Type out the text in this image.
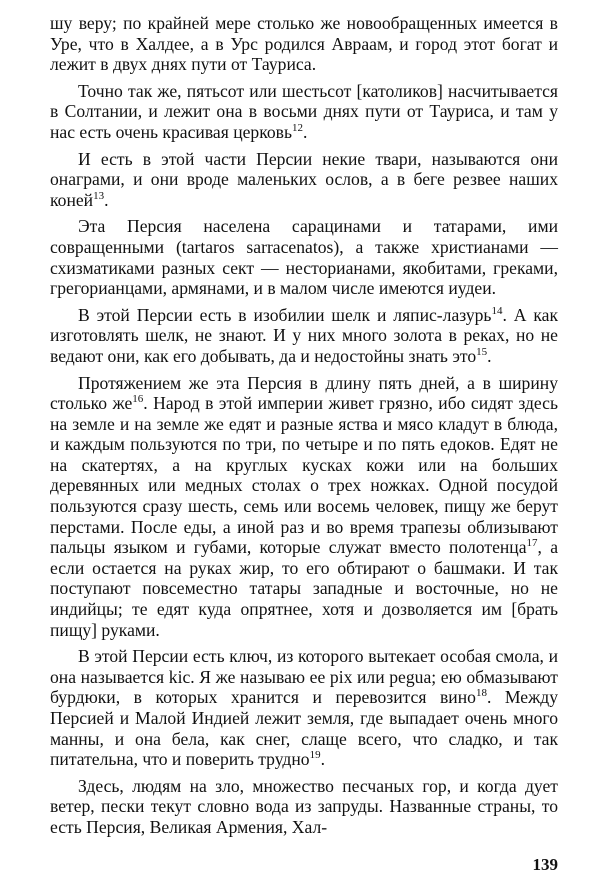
шу веру; по крайней мере столько же новообращенных имеется в Уре, что в Халдее, а в Урс родился Авраам, и город этот богат и лежит в двух днях пути от Тауриса.

Точно так же, пятьсот или шестьсот [католиков] насчитывается в Солтании, и лежит она в восьми днях пути от Тауриса, и там у нас есть очень красивая церковь$^{12}$.

И есть в этой части Персии некие твари, называются они онаграми, и они вроде маленьких ослов, а в беге резвее наших коней$^{13}$.

Эта Персия населена сарацинами и татарами, ими совращенными (tartaros sarracenatos), а также христианами — схизматиками разных сект — несторианами, якобитами, греками, грегорианцами, армянами, и в малом числе имеются иудеи.

В этой Персии есть в изобилии шелк и ляпис-лазурь$^{14}$. А как изготовлять шелк, не знают. И у них много золота в реках, но не ведают они, как его добывать, да и недостойны знать это$^{15}$.

Протяжением же эта Персия в длину пять дней, а в ширину столько же$^{16}$. Народ в этой империи живет грязно, ибо сидят здесь на земле и на земле же едят и разные яства и мясо кладут в блюда, и каждым пользуются по три, по четыре и по пять едоков. Едят не на скатертях, а на круглых кусках кожи или на больших деревянных или медных столах о трех ножках. Одной посудой пользуются сразу шесть, семь или восемь человек, пищу же берут перстами. После еды, а иной раз и во время трапезы облизывают пальцы языком и губами, которые служат вместо полотенца$^{17}$, а если остается на руках жир, то его обтирают о башмаки. И так поступают повсеместно татары западные и восточные, но не индийцы; те едят куда опрятнее, хотя и дозволяется им [брать пищу] руками.

В этой Персии есть ключ, из которого вытекает особая смола, и она называется kic. Я же называю ее pix или pegua; ею обмазывают бурдюки, в которых хранится и перевозится вино$^{18}$. Между Персией и Малой Индией лежит земля, где выпадает очень много манны, и она бела, как снег, слаще всего, что сладко, и так питательна, что и поверить трудно$^{19}$.

Здесь, людям на зло, множество песчаных гор, и когда дует ветер, пески текут словно вода из запруды. Названные страны, то есть Персия, Великая Армения, Хал-

139
